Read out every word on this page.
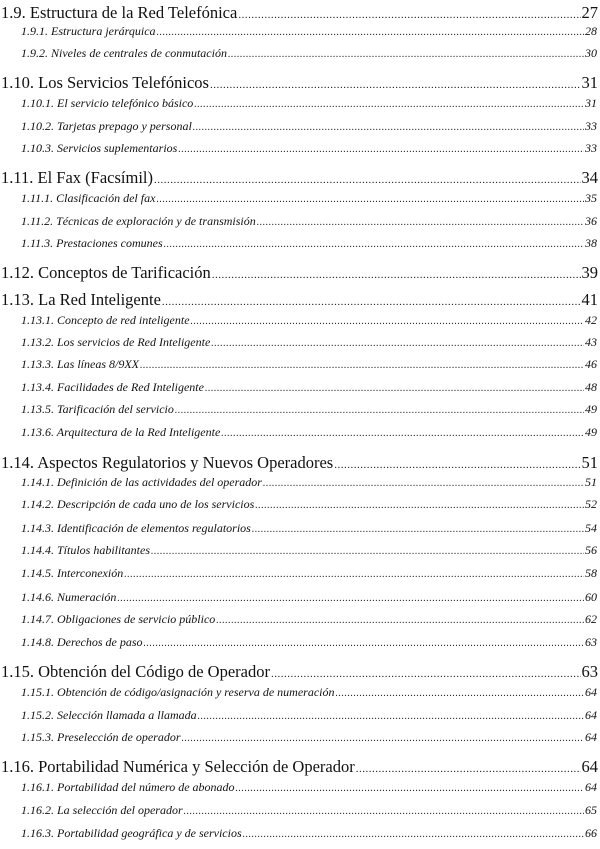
1.9. Estructura de la Red Telefónica .....	27
1.9.1. Estructura jerárquica .....	28
1.9.2. Niveles de centrales de conmutación .....	30
1.10. Los Servicios Telefónicos .....	31
1.10.1. El servicio telefónico básico .....	31
1.10.2. Tarjetas prepago y personal .....	33
1.10.3. Servicios suplementarios .....	33
1.11. El Fax (Facsímil) .....	34
1.11.1. Clasificación del fax .....	35
1.11.2. Técnicas de exploración y de transmisión .....	36
1.11.3. Prestaciones comunes .....	38
1.12. Conceptos de Tarificación .....	39
1.13. La Red Inteligente .....	41
1.13.1. Concepto de red inteligente .....	42
1.13.2. Los servicios de Red Inteligente .....	43
1.13.3. Las líneas 8/9XX .....	46
1.13.4. Facilidades de Red Inteligente .....	48
1.13.5. Tarificación del servicio .....	49
1.13.6. Arquitectura de la Red Inteligente .....	49
1.14. Aspectos Regulatorios y Nuevos Operadores .....	51
1.14.1. Definición de las actividades del operador .....	51
1.14.2. Descripción de cada uno de los servicios .....	52
1.14.3. Identificación de elementos regulatorios .....	54
1.14.4. Títulos habilitantes .....	56
1.14.5. Interconexión .....	58
1.14.6. Numeración .....	60
1.14.7. Obligaciones de servicio público .....	62
1.14.8. Derechos de paso .....	63
1.15. Obtención del Código de Operador .....	63
1.15.1. Obtención de código/asignación y reserva de numeración .....	64
1.15.2. Selección llamada a llamada .....	64
1.15.3. Preselección de operador .....	64
1.16. Portabilidad Numérica y Selección de Operador .....	64
1.16.1. Portabilidad del número de abonado .....	64
1.16.2. La selección del operador .....	65
1.16.3. Portabilidad geográfica y de servicios .....	66
